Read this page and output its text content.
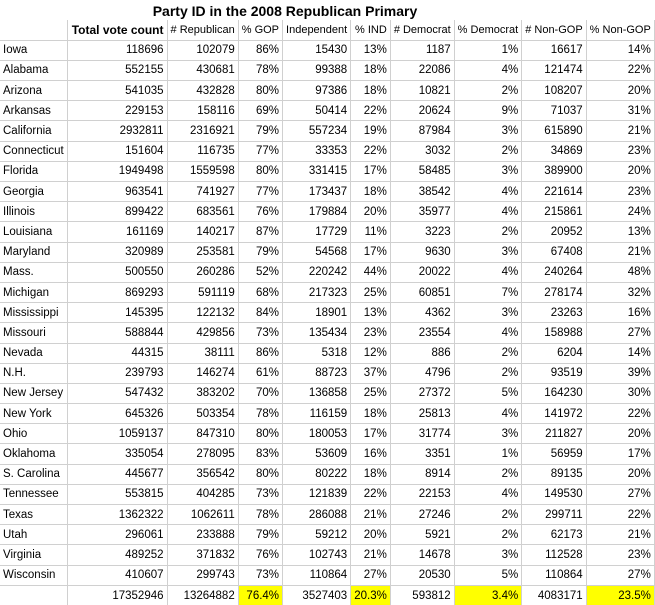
Party ID in the 2008 Republican Primary
	Total vote count	# Republican	% GOP	Independent	% IND	# Democrat	% Democrat	# Non-GOP	% Non-GOP
Iowa	118696	102079	86%	15430	13%	1187	1%	16617	14%
Alabama	552155	430681	78%	99388	18%	22086	4%	121474	22%
Arizona	541035	432828	80%	97386	18%	10821	2%	108207	20%
Arkansas	229153	158116	69%	50414	22%	20624	9%	71037	31%
California	2932811	2316921	79%	557234	19%	87984	3%	615890	21%
Connecticut	151604	116735	77%	33353	22%	3032	2%	34869	23%
Florida	1949498	1559598	80%	331415	17%	58485	3%	389900	20%
Georgia	963541	741927	77%	173437	18%	38542	4%	221614	23%
Illinois	899422	683561	76%	179884	20%	35977	4%	215861	24%
Louisiana	161169	140217	87%	17729	11%	3223	2%	20952	13%
Maryland	320989	253581	79%	54568	17%	9630	3%	67408	21%
Mass.	500550	260286	52%	220242	44%	20022	4%	240264	48%
Michigan	869293	591119	68%	217323	25%	60851	7%	278174	32%
Mississippi	145395	122132	84%	18901	13%	4362	3%	23263	16%
Missouri	588844	429856	73%	135434	23%	23554	4%	158988	27%
Nevada	44315	38111	86%	5318	12%	886	2%	6204	14%
N.H.	239793	146274	61%	88723	37%	4796	2%	93519	39%
New Jersey	547432	383202	70%	136858	25%	27372	5%	164230	30%
New York	645326	503354	78%	116159	18%	25813	4%	141972	22%
Ohio	1059137	847310	80%	180053	17%	31774	3%	211827	20%
Oklahoma	335054	278095	83%	53609	16%	3351	1%	56959	17%
S. Carolina	445677	356542	80%	80222	18%	8914	2%	89135	20%
Tennessee	553815	404285	73%	121839	22%	22153	4%	149530	27%
Texas	1362322	1062611	78%	286088	21%	27246	2%	299711	22%
Utah	296061	233888	79%	59212	20%	5921	2%	62173	21%
Virginia	489252	371832	76%	102743	21%	14678	3%	112528	23%
Wisconsin	410607	299743	73%	110864	27%	20530	5%	110864	27%
	17352946	13264882	76.4%	3527403	20.3%	593812	3.4%	4083171	23.5%
